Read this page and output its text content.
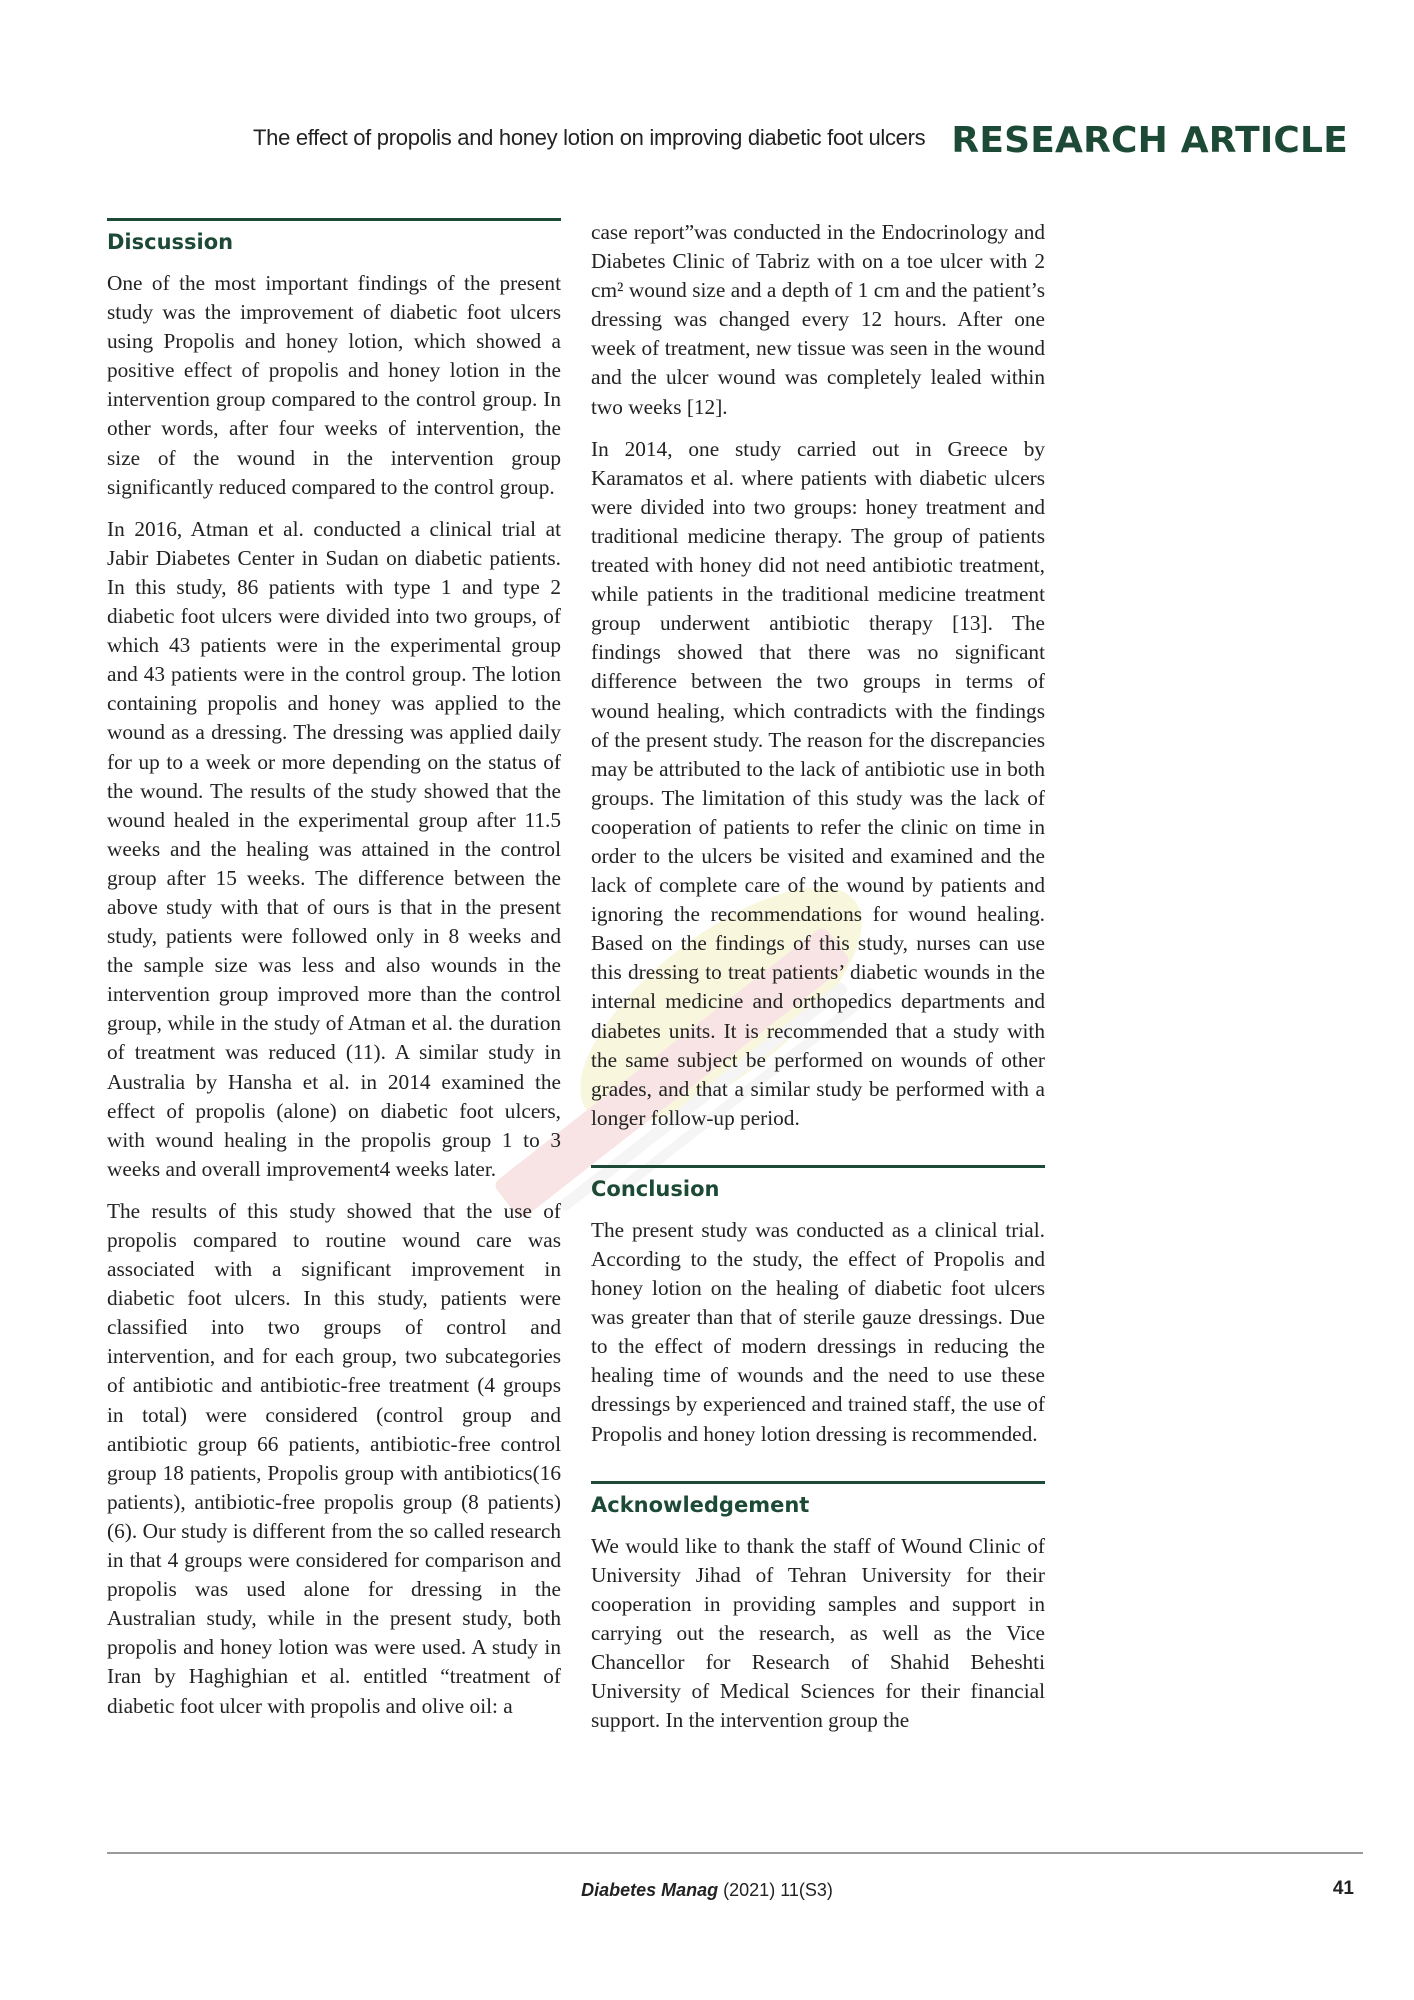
The effect of propolis and honey lotion on improving diabetic foot ulcers RESEARCH ARTICLE
Discussion

One of the most important findings of the present study was the improvement of diabetic foot ulcers using Propolis and honey lotion, which showed a positive effect of propolis and honey lotion in the intervention group compared to the control group. In other words, after four weeks of intervention, the size of the wound in the intervention group significantly reduced compared to the control group.

In 2016, Atman et al. conducted a clinical trial at Jabir Diabetes Center in Sudan on diabetic patients. In this study, 86 patients with type 1 and type 2 diabetic foot ulcers were divided into two groups, of which 43 patients were in the experimental group and 43 patients were in the control group. The lotion containing propolis and honey was applied to the wound as a dressing. The dressing was applied daily for up to a week or more depending on the status of the wound. The results of the study showed that the wound healed in the experimental group after 11.5 weeks and the healing was attained in the control group after 15 weeks. The difference between the above study with that of ours is that in the present study, patients were followed only in 8 weeks and the sample size was less and also wounds in the intervention group improved more than the control group, while in the study of Atman et al. the duration of treatment was reduced (11). A similar study in Australia by Hansha et al. in 2014 examined the effect of propolis (alone) on diabetic foot ulcers, with wound healing in the propolis group 1 to 3 weeks and overall improvement4 weeks later.

The results of this study showed that the use of propolis compared to routine wound care was associated with a significant improvement in diabetic foot ulcers. In this study, patients were classified into two groups of control and intervention, and for each group, two subcategories of antibiotic and antibiotic-free treatment (4 groups in total) were considered (control group and antibiotic group 66 patients, antibiotic-free control group 18 patients, Propolis group with antibiotics(16 patients), antibiotic-free propolis group (8 patients) (6). Our study is different from the so called research in that 4 groups were considered for comparison and propolis was used alone for dressing in the Australian study, while in the present study, both propolis and honey lotion was were used. A study in Iran by Haghighian et al. entitled “treatment of diabetic foot ulcer with propolis and olive oil: a

case report”was conducted in the Endocrinology and Diabetes Clinic of Tabriz with on a toe ulcer with 2 cm² wound size and a depth of 1 cm and the patient’s dressing was changed every 12 hours. After one week of treatment, new tissue was seen in the wound and the ulcer wound was completely lealed within two weeks [12].

In 2014, one study carried out in Greece by Karamatos et al. where patients with diabetic ulcers were divided into two groups: honey treatment and traditional medicine therapy. The group of patients treated with honey did not need antibiotic treatment, while patients in the traditional medicine treatment group underwent antibiotic therapy [13]. The findings showed that there was no significant difference between the two groups in terms of wound healing, which contradicts with the findings of the present study. The reason for the discrepancies may be attributed to the lack of antibiotic use in both groups. The limitation of this study was the lack of cooperation of patients to refer the clinic on time in order to the ulcers be visited and examined and the lack of complete care of the wound by patients and ignoring the recommendations for wound healing. Based on the findings of this study, nurses can use this dressing to treat patients’ diabetic wounds in the internal medicine and orthopedics departments and diabetes units. It is recommended that a study with the same subject be performed on wounds of other grades, and that a similar study be performed with a longer follow-up period.

Conclusion

The present study was conducted as a clinical trial. According to the study, the effect of Propolis and honey lotion on the healing of diabetic foot ulcers was greater than that of sterile gauze dressings. Due to the effect of modern dressings in reducing the healing time of wounds and the need to use these dressings by experienced and trained staff, the use of Propolis and honey lotion dressing is recommended.

Acknowledgement

We would like to thank the staff of Wound Clinic of University Jihad of Tehran University for their cooperation in providing samples and support in carrying out the research, as well as the Vice Chancellor for Research of Shahid Beheshti University of Medical Sciences for their financial support. In the intervention group the

Diabetes Manag (2021) 11(S3)	41
